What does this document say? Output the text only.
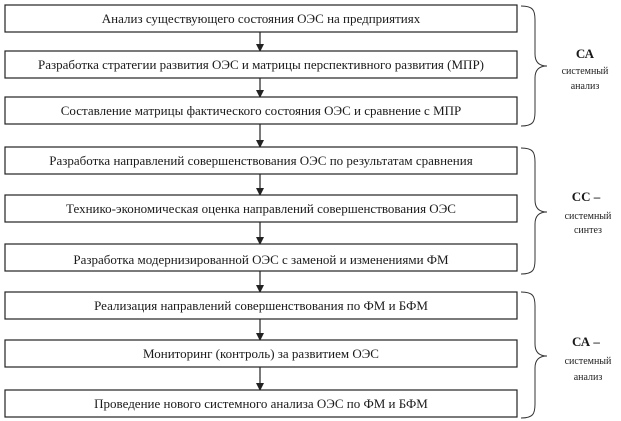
Анализ существующего состояния ОЭС на предприятиях
Разработка стратегии развития ОЭС и матрицы перспективного развития (МПР)
Составление матрицы фактического состояния ОЭС и сравнение с МПР
Разработка направлений совершенствования ОЭС по результатам сравнения
Технико-экономическая оценка направлений совершенствования ОЭС
Разработка модернизированной ОЭС с заменой и изменениями ФМ
Реализация направлений совершенствования по ФМ и БФМ
Мониторинг (контроль) за развитием ОЭС
Проведение нового системного анализа ОЭС по ФМ и БФМ
СА
системный
анализ
СС –
системный
синтез
СА –
системный
анализ
